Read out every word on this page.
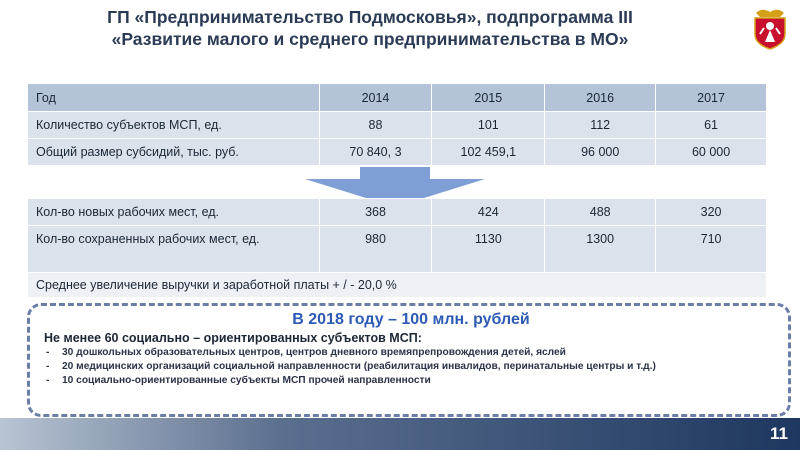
ГП «Предпринимательство Подмосковья», подпрограмма III
«Развитие малого и среднего предпринимательства в МО»
Год	2014	2015	2016	2017
Количество субъектов МСП, ед.	88	101	112	61
Общий размер субсидий, тыс. руб.	70 840, 3	102 459,1	96 000	60 000
Кол-во новых рабочих мест, ед.	368	424	488	320
Кол-во сохраненных рабочих мест, ед.	980	1130	1300	710
Среднее увеличение выручки и заработной платы + / - 20,0 %				
В 2018 году – 100 млн. рублей
Не менее 60 социально – ориентированных субъектов МСП:
- 30 дошкольных образовательных центров, центров дневного времяпрепровождения детей, яслей
- 20 медицинских организаций социальной направленности (реабилитация инвалидов, перинатальные центры и т.д.)
- 10 социально-ориентированные субъекты МСП прочей направленности
11
